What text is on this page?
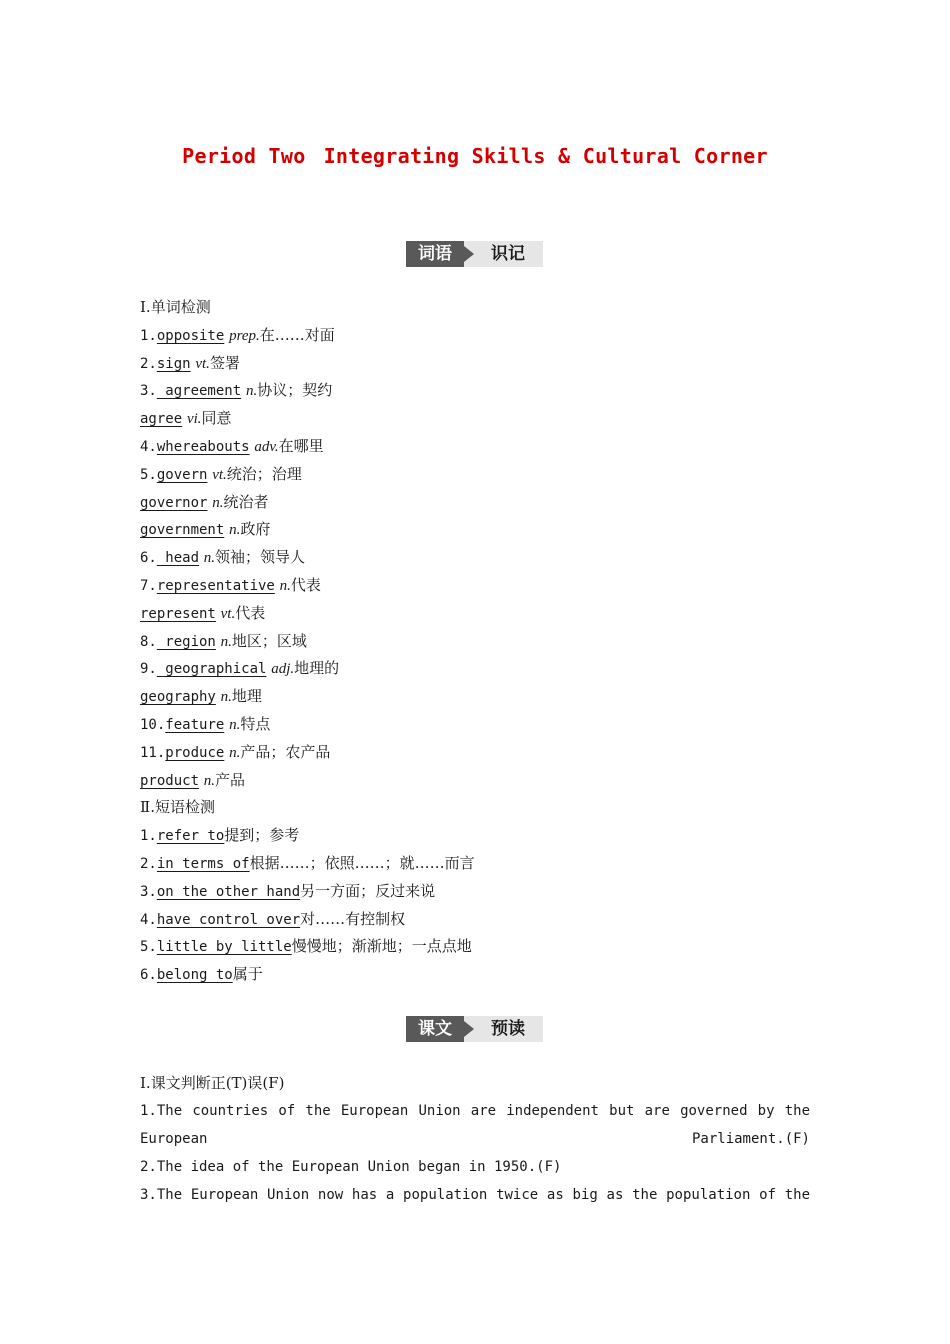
Period Two Integrating Skills & Cultural Corner
词语	识记
Ⅰ.单词检测
1.opposite prep.在……对面
2.sign vt.签署
3. agreement n.协议；契约
agree vi.同意
4.whereabouts adv.在哪里
5.govern vt.统治；治理
governor n.统治者
government n.政府
6. head n.领袖；领导人
7.representative n.代表
represent vt.代表
8. region n.地区；区域
9. geographical adj.地理的
geography n.地理
10.feature n.特点
11.produce n.产品；农产品
product n.产品
Ⅱ.短语检测
1.refer to提到；参考
2.in terms of根据……；依照……；就……而言
3.on the other hand另一方面；反过来说
4.have control over对……有控制权
5.little by little慢慢地；渐渐地；一点点地
6.belong to属于
课文	预读
Ⅰ.课文判断正(T)误(F)
1.The countries of the European Union are independent but are governed by the European Parliament.(F)
2.The idea of the European Union began in 1950.(F)
3.The European Union now has a population twice as big as the population of the
